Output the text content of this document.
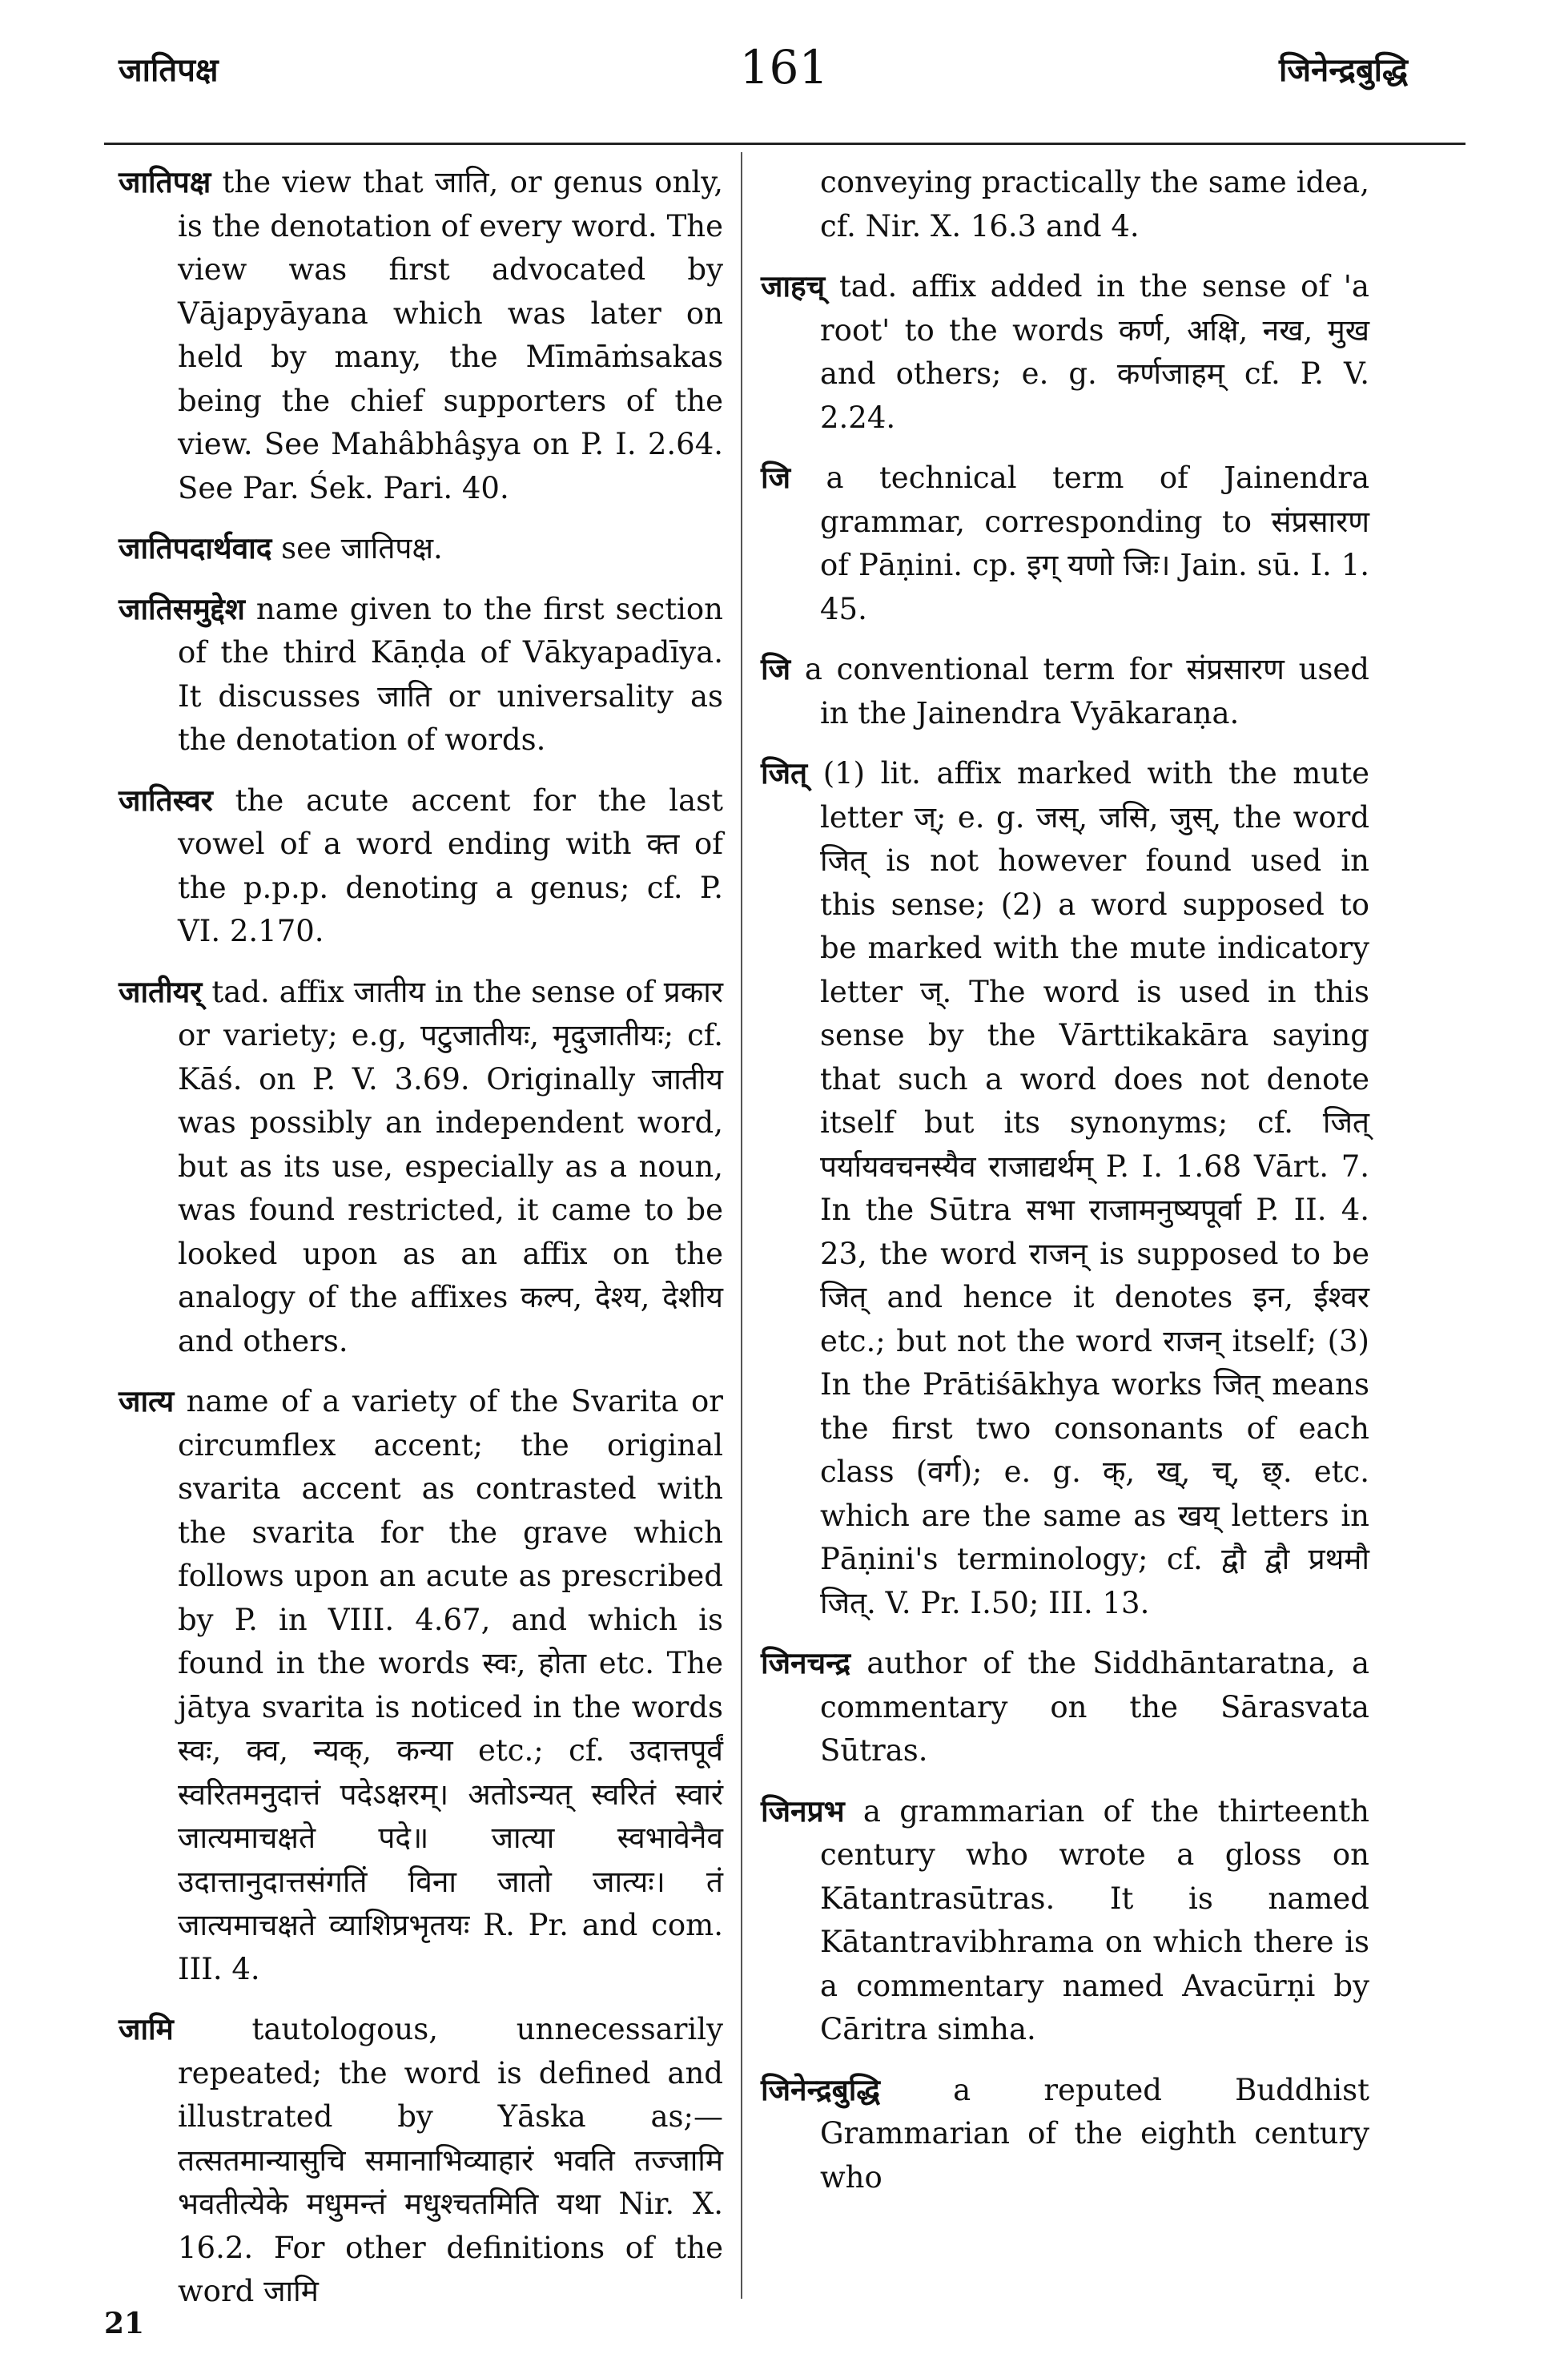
जातिपक्ष	161	जिनेन्द्रबुद्धि

जातिपक्ष the view that जाति, or genus only, is the denotation of every word. The view was first advocated by Vājapyāyana which was later on held by many, the Mīmāṁsakas being the chief supporters of the view. See Mahâbhâşya on P. I. 2.64. See Par. Śek. Pari. 40.

जातिपदार्थवाद see जातिपक्ष.

जातिसमुद्देश name given to the first section of the third Kāṇḍa of Vākyapadīya. It discusses जाति or universality as the denotation of words.

जातिस्वर the acute accent for the last vowel of a word ending with क्त of the p.p.p. denoting a genus; cf. P. VI. 2.170.

जातीयर् tad. affix जातीय in the sense of प्रकार or variety; e.g, पटुजातीयः, मृदुजातीयः; cf. Kāś. on P. V. 3.69. Originally जातीय was possibly an independent word, but as its use, especially as a noun, was found restricted, it came to be looked upon as an affix on the analogy of the affixes कल्प, देश्य, देशीय and others.

जात्य name of a variety of the Svarita or circumflex accent; the original svarita accent as contrasted with the svarita for the grave which follows upon an acute as prescribed by P. in VIII. 4.67, and which is found in the words स्वः, होता etc. The jātya svarita is noticed in the words स्वः, क्व, न्यक्, कन्या etc.; cf. उदात्तपूर्वं स्वरितमनुदात्तं पदेऽक्षरम्। अतोऽन्यत् स्वरितं स्वारं जात्यमाचक्षते पदे॥ जात्या स्वभावेनैव उदात्तानुदात्तसंगतिं विना जातो जात्यः। तं जात्यमाचक्षते व्याशिप्रभृतयः R. Pr. and com. III. 4.

जामि	tautologous, unnecessarily repeated; the word is defined and illustrated by Yāska as;—तत्सतमान्यासुचि समानाभिव्याहारं भवति तज्जामि भवतीत्येके मधुमन्तं मधुश्चतमिति यथा Nir. X. 16.2. For other definitions of the word जामि

conveying practically the same idea, cf. Nir. X. 16.3 and 4.

जाहच् tad. affix added in the sense of 'a root' to the words कर्ण, अक्षि, नख, मुख and others; e. g. कर्णजाहम् cf. P. V. 2.24.

जि a technical term of Jainendra grammar, corresponding to संप्रसारण of Pāṇini. cp. इग् यणो जिः। Jain. sū. I. 1. 45.

जि a conventional term for संप्रसारण used in the Jainendra Vyākaraṇa.

जित् (1) lit. affix marked with the mute letter ज्; e. g. जस्, जसि, जुस्, the word जित् is not however found used in this sense; (2) a word supposed to be marked with the mute indicatory letter ज्. The word is used in this sense by the Vārttikakāra saying that such a word does not denote itself but its synonyms; cf. जित् पर्यायवचनस्यैव राजाद्यर्थम् P. I. 1.68 Vārt. 7. In the Sūtra सभा राजामनुष्यपूर्वा P. II. 4. 23, the word राजन् is supposed to be जित् and hence it denotes इन, ईश्वर etc.; but not the word राजन् itself; (3) In the Prātiśākhya works जित् means the first two consonants of each class (वर्ग); e. g. क्, ख्, च्, छ्. etc. which are the same as खय् letters in Pāṇini's terminology; cf. द्वौ द्वौ प्रथमौ जित्. V. Pr. I.50; III. 13.

जिनचन्द्र author of the Siddhāntaratna, a commentary on the Sārasvata Sūtras.

जिनप्रभ a grammarian of the thirteenth century who wrote a gloss on Kātantrasūtras. It is named Kātantravibhrama on which there is a commentary named Avacūrṇi by Cāritra simha.

जिनेन्द्रबुद्धि a reputed Buddhist Grammarian of the eighth century who

21
